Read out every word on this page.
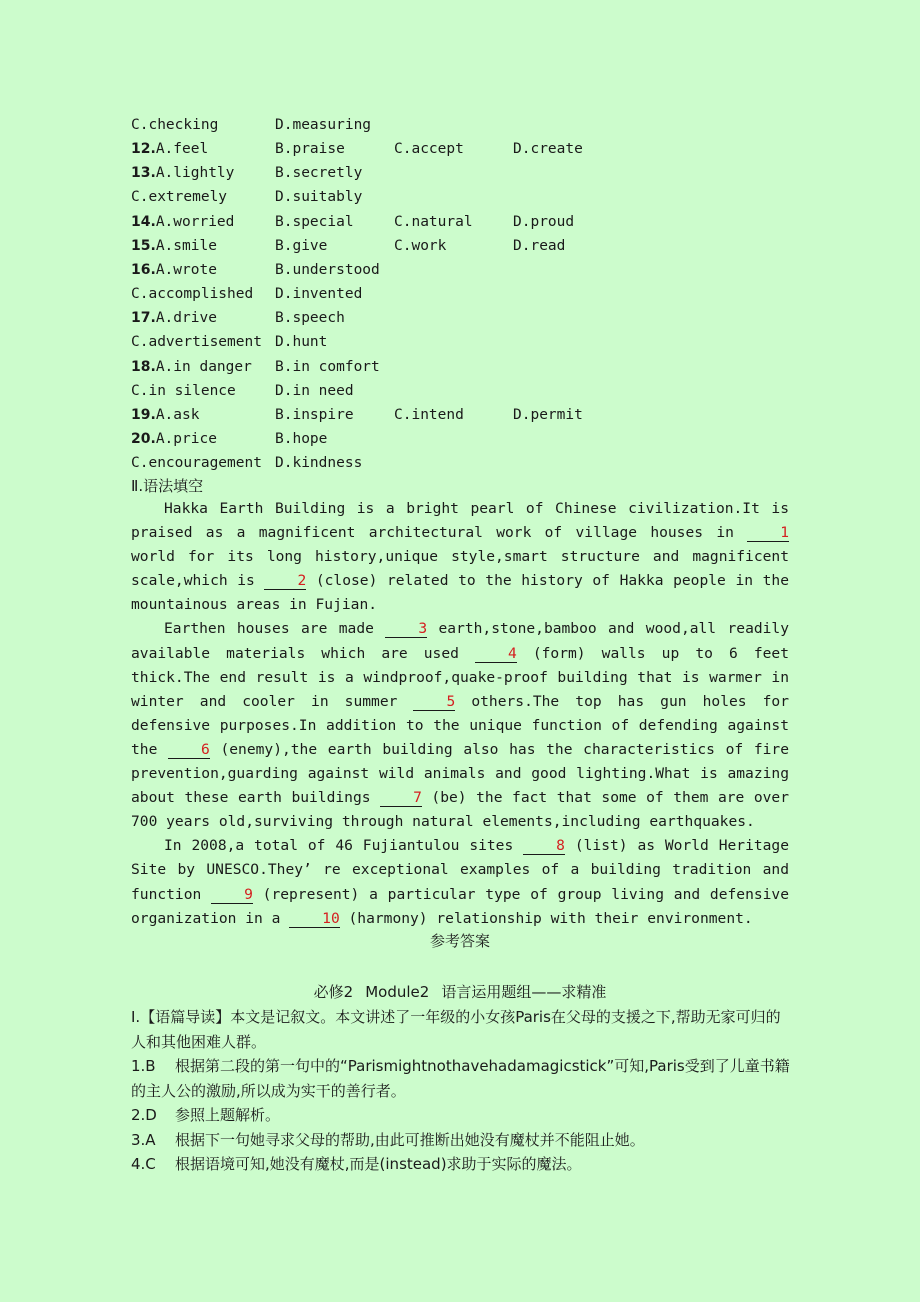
C.checking	D.measuring
12.A.feel	B.praise	C.accept	D.create
13.A.lightly	B.secretly
C.extremely	D.suitably
14.A.worried	B.special	C.natural	D.proud
15.A.smile	B.give	C.work	D.read
16.A.wrote	B.understood
C.accomplished D.invented
17.A.drive	B.speech
C.advertisement D.hunt
18.A.in danger B.in comfort
C.in silence	D.in need
19.A.ask	B.inspire	C.intend	D.permit
20.A.price	B.hope
C.encouragement D.kindness
Ⅱ.语法填空

Hakka Earth Building is a bright pearl of Chinese civilization.It is praised as a magnificent architectural work of village houses in 1 world for its long history,unique style,smart structure and magnificent scale,which is 2 (close) related to the history of Hakka people in the mountainous areas in Fujian.

Earthen houses are made 3 earth,stone,bamboo and wood,all readily available materials which are used 4 (form) walls up to 6 feet thick.The end result is a windproof,quake-proof building that is warmer in winter and cooler in summer 5 others.The top has gun holes for defensive purposes.In addition to the unique function of defending against the 6 (enemy),the earth building also has the characteristics of fire prevention,guarding against wild animals and good lighting.What is amazing about these earth buildings 7 (be) the fact that some of them are over 700 years old,surviving through natural elements,including earthquakes.

In 2008,a total of 46 Fujiantulou sites 8 (list) as World Heritage Site by UNESCO.They’ re exceptional examples of a building tradition and function 9 (represent) a particular type of group living and defensive organization in a 10 (harmony) relationship with their environment.

参考答案
必修2 Module2 语言运用题组——求精准

Ⅰ.【语篇导读】本文是记叙文。本文讲述了一年级的小女孩Paris在父母的支援之下,帮助无家可归的人和其他困难人群。

1.B 根据第二段的第一句中的“Parismightnothavehadamagicstick”可知,Paris受到了儿童书籍的主人公的激励,所以成为实干的善行者。

2.D 参照上题解析。

3.A 根据下一句她寻求父母的帮助,由此可推断出她没有魔杖并不能阻止她。

4.C 根据语境可知,她没有魔杖,而是(instead)求助于实际的魔法。
